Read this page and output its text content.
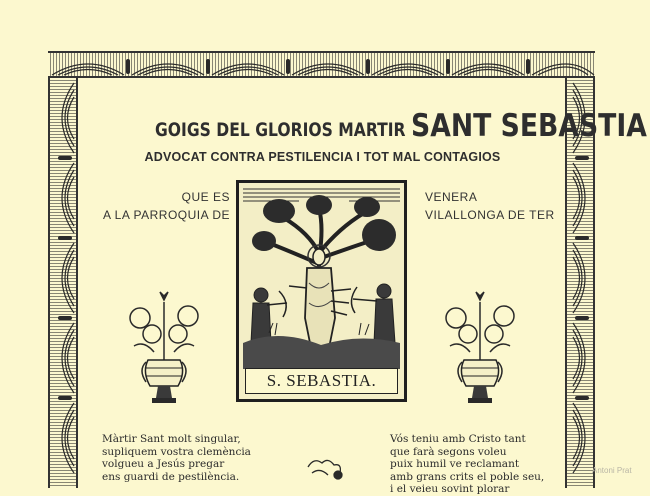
GOIGS DEL GLORIOS MARTIR SANT SEBASTIA
ADVOCAT CONTRA PESTILENCIA I TOT MAL CONTAGIOS
QUE ES
A LA PARROQUIA DE
VENERA
VILALLONGA DE TER
S. SEBASTIA.
Màrtir Sant molt singular,
supliquem vostra clemència
volgueu a Jesús pregar
ens guardi de pestilència.
Vós teniu amb Cristo tant
que farà segons voleu
puix humil ve reclamant
amb grans crits el poble seu,
i el veieu sovint plorar
Antoni Prat
